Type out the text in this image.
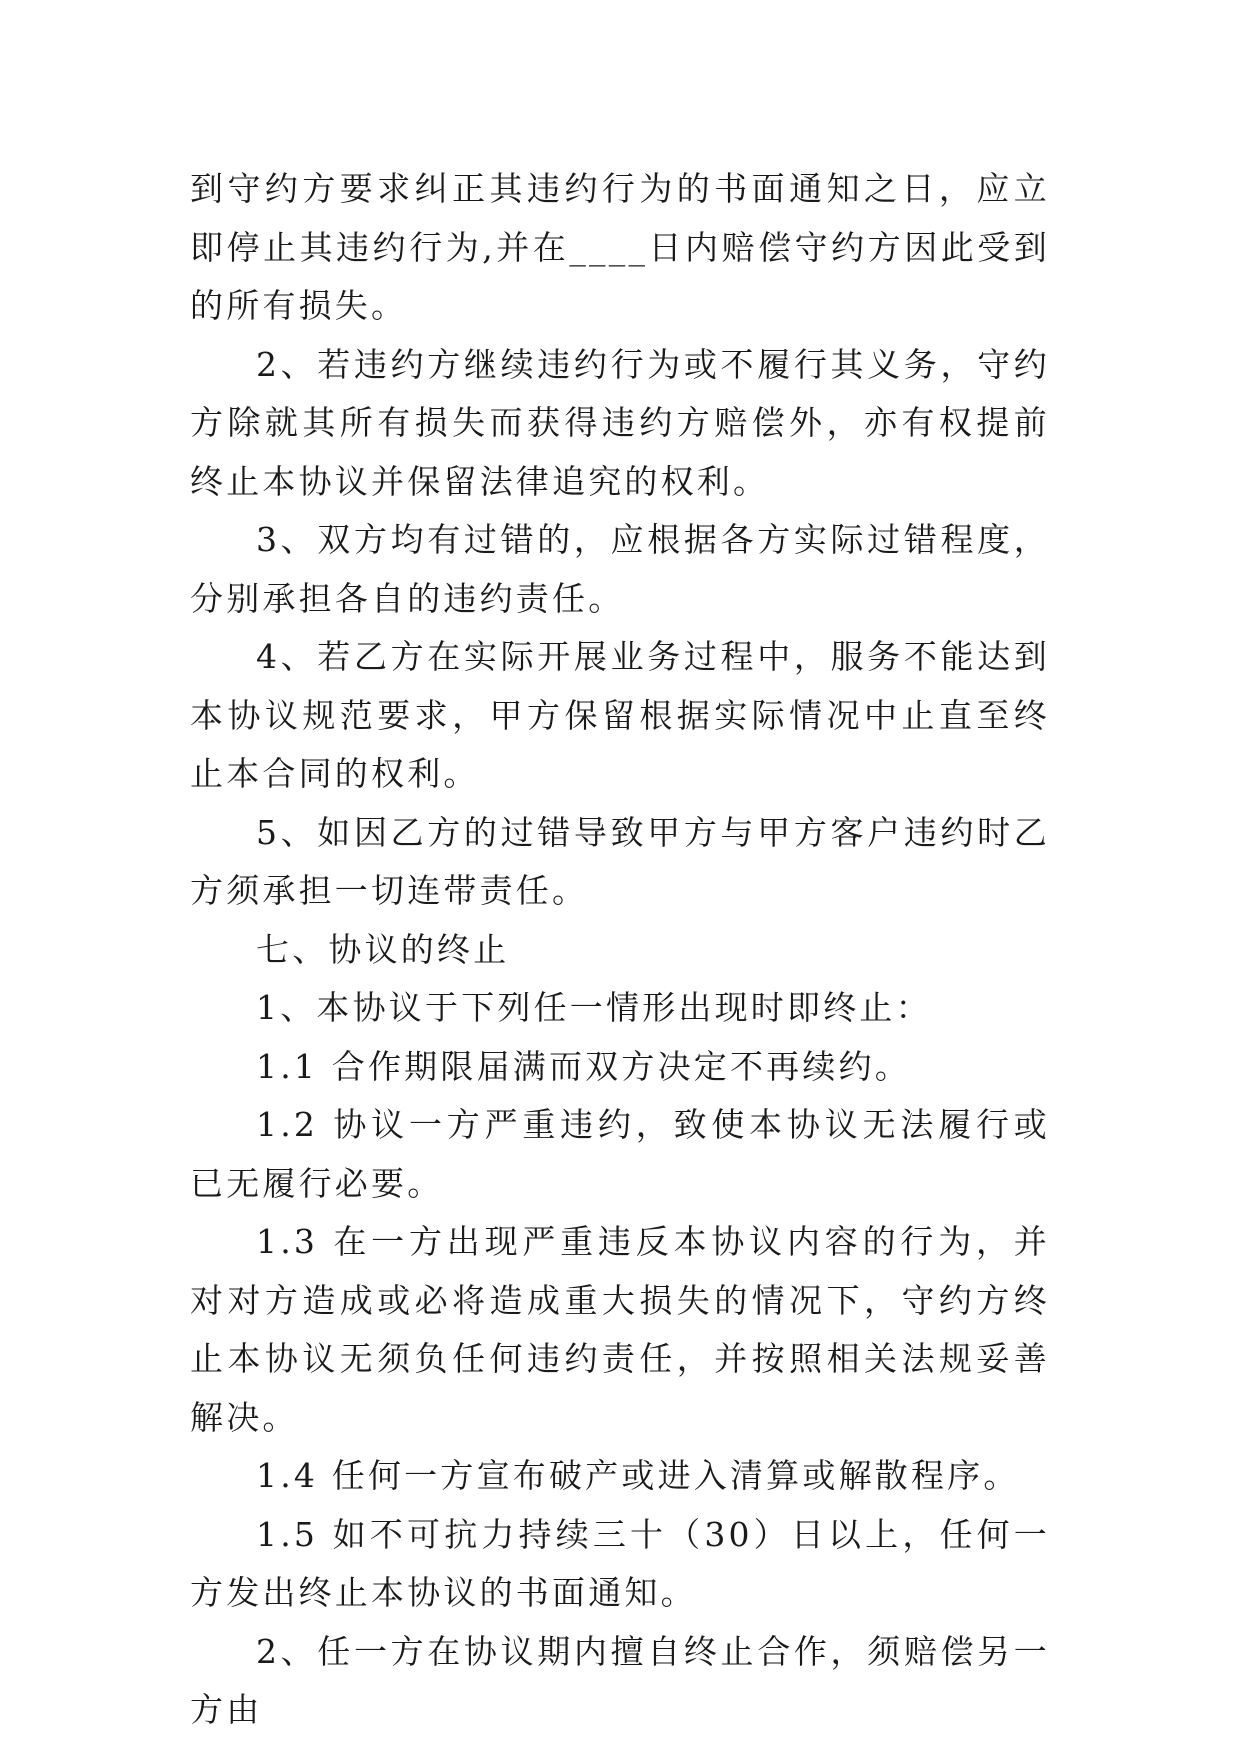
到守约方要求纠正其违约行为的书面通知之日，应立即停止其违约行为,并在____日内赔偿守约方因此受到的所有损失。

2、若违约方继续违约行为或不履行其义务，守约方除就其所有损失而获得违约方赔偿外，亦有权提前终止本协议并保留法律追究的权利。

3、双方均有过错的，应根据各方实际过错程度，分别承担各自的违约责任。

4、若乙方在实际开展业务过程中，服务不能达到本协议规范要求，甲方保留根据实际情况中止直至终止本合同的权利。

5、如因乙方的过错导致甲方与甲方客户违约时乙方须承担一切连带责任。

七、协议的终止

1、本协议于下列任一情形出现时即终止：

1.1 合作期限届满而双方决定不再续约。

1.2 协议一方严重违约，致使本协议无法履行或已无履行必要。

1.3 在一方出现严重违反本协议内容的行为，并对对方造成或必将造成重大损失的情况下，守约方终止本协议无须负任何违约责任，并按照相关法规妥善解决。

1.4 任何一方宣布破产或进入清算或解散程序。

1.5 如不可抗力持续三十（30）日以上，任何一方发出终止本协议的书面通知。

2、任一方在协议期内擅自终止合作，须赔偿另一方由
